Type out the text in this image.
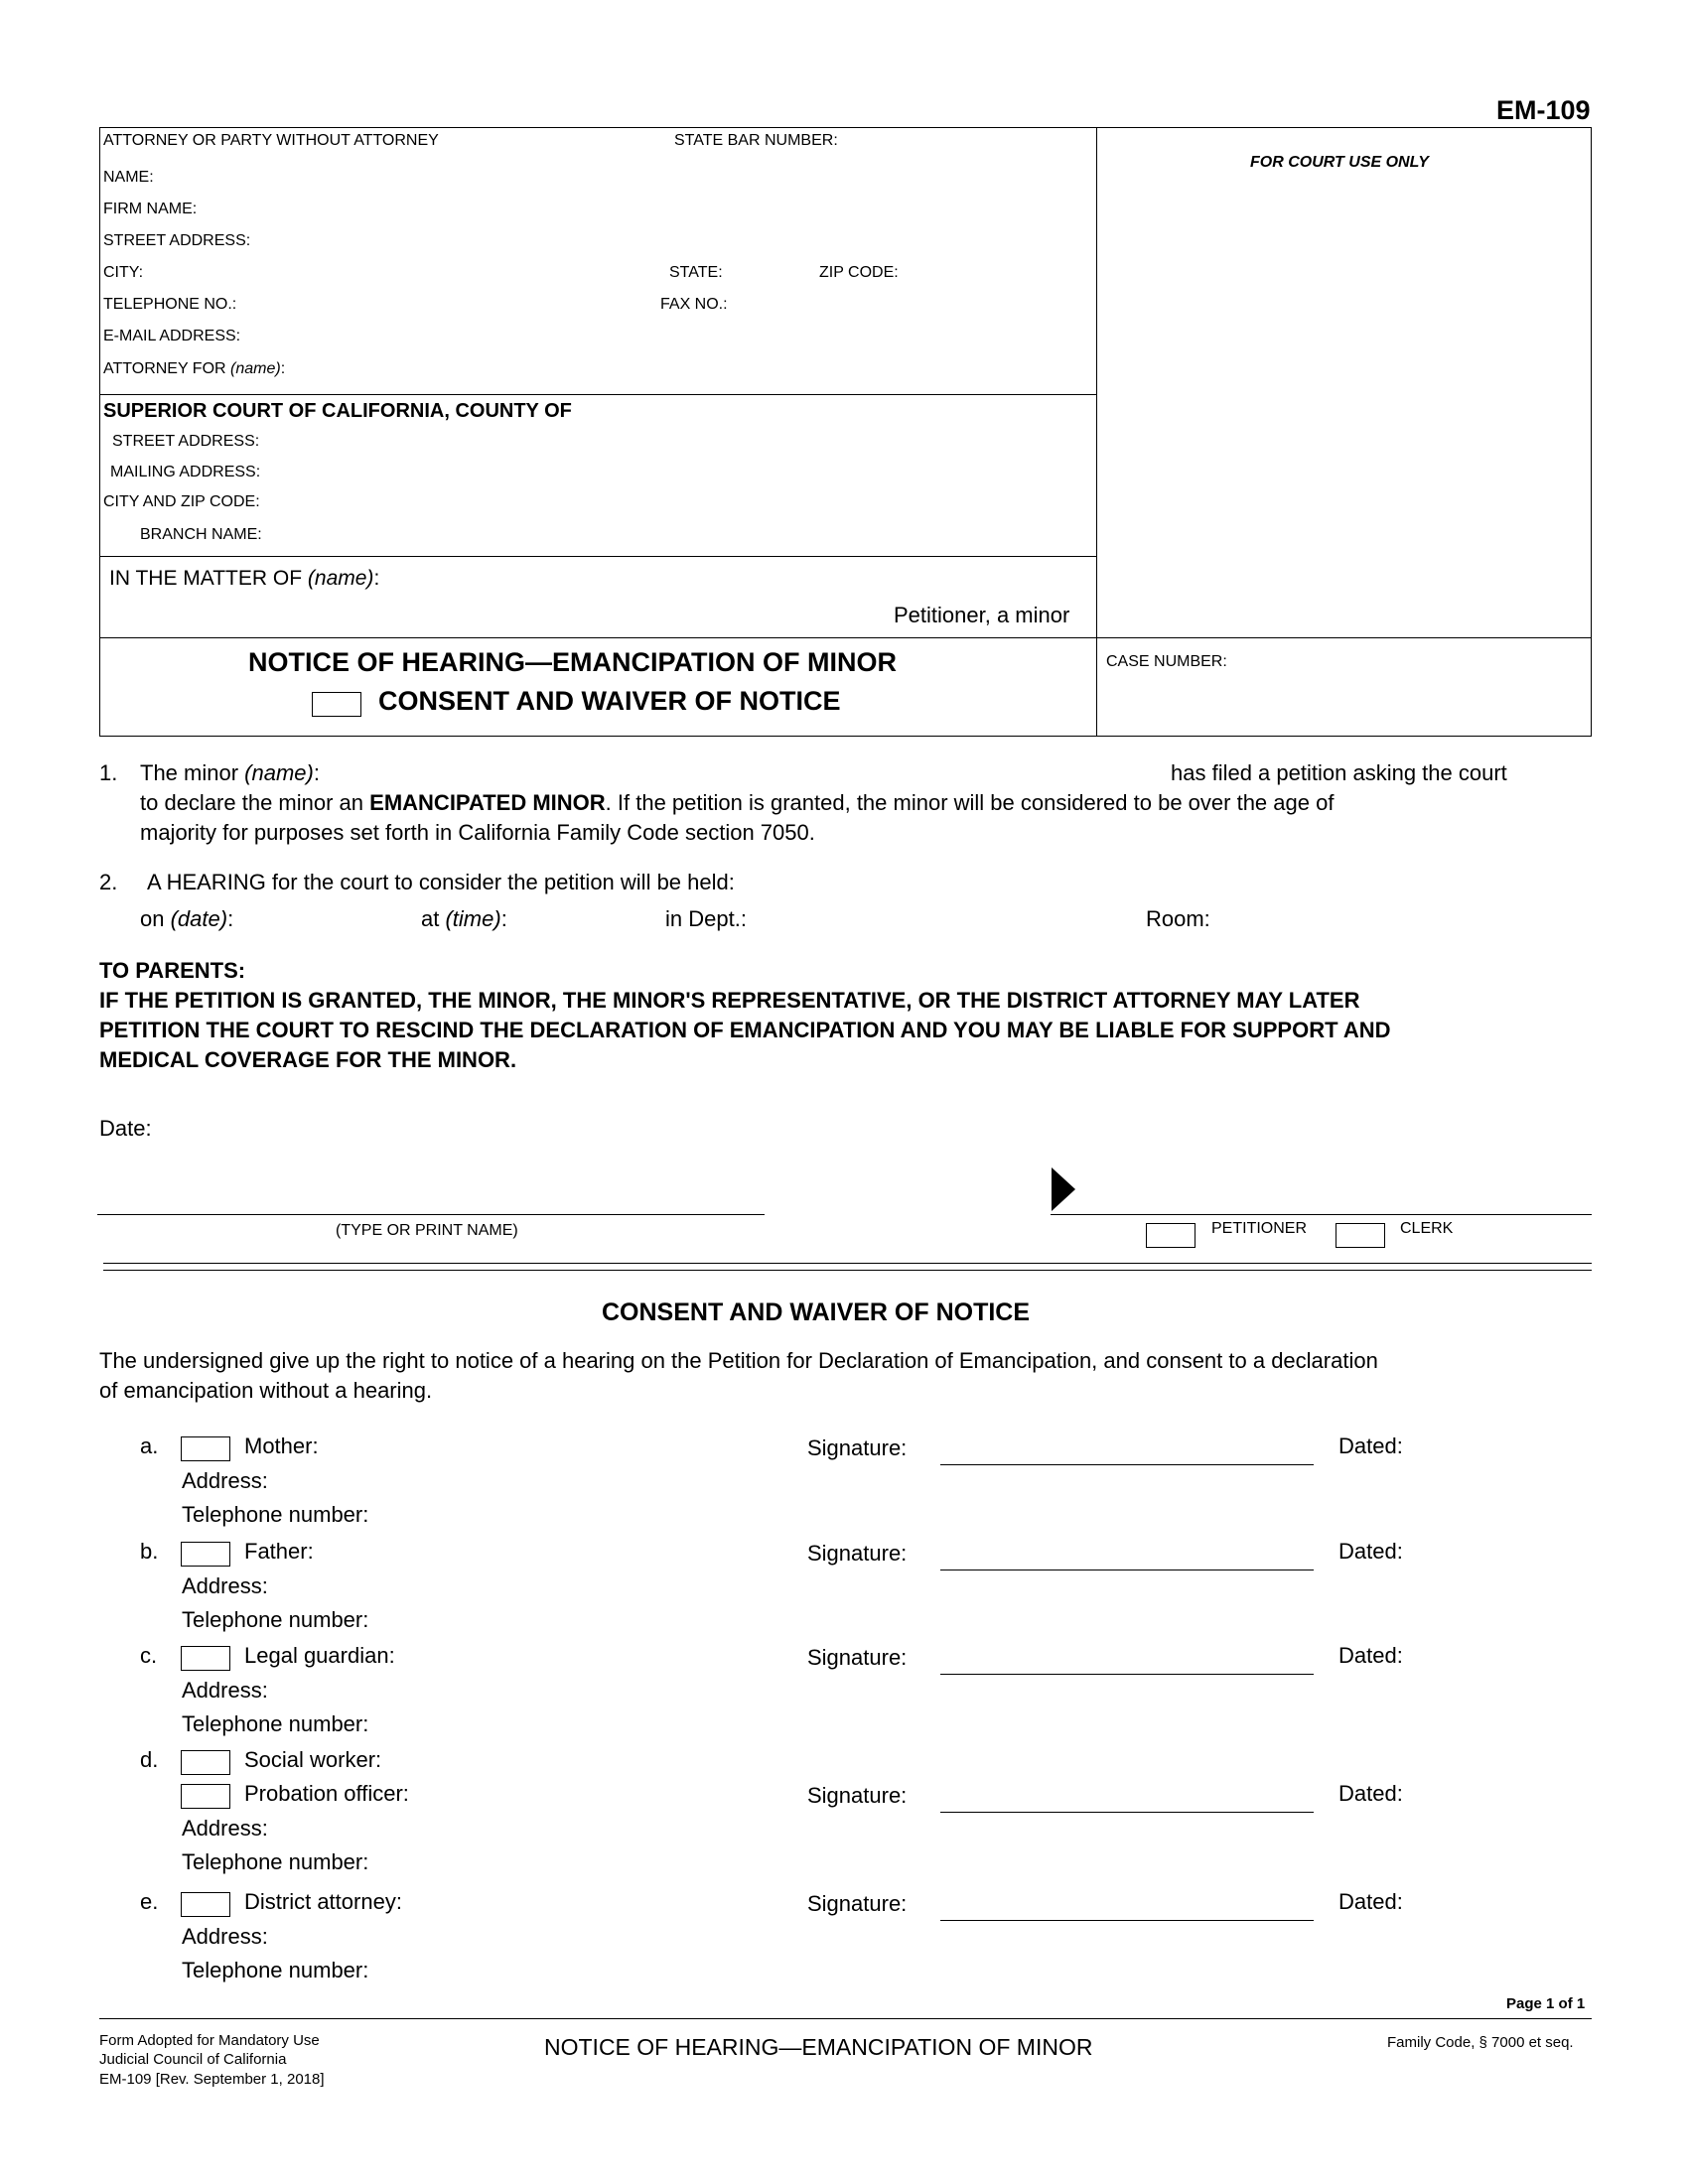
EM-109
ATTORNEY OR PARTY WITHOUT ATTORNEY	STATE BAR NUMBER:
NAME:
FIRM NAME:
STREET ADDRESS:
CITY:	STATE:	ZIP CODE:
TELEPHONE NO.:	FAX NO.:
E-MAIL ADDRESS:
ATTORNEY FOR (name):
FOR COURT USE ONLY
SUPERIOR COURT OF CALIFORNIA, COUNTY OF
STREET ADDRESS:
MAILING ADDRESS:
CITY AND ZIP CODE:
BRANCH NAME:
IN THE MATTER OF (name):
Petitioner, a minor
NOTICE OF HEARING—EMANCIPATION OF MINOR
CONSENT AND WAIVER OF NOTICE
CASE NUMBER:
1. The minor (name):	has filed a petition asking the court
to declare the minor an EMANCIPATED MINOR. If the petition is granted, the minor will be considered to be over the age of
majority for purposes set forth in California Family Code section 7050.
2. A HEARING for the court to consider the petition will be held:
on (date):	at (time):	in Dept.:	Room:
TO PARENTS:
IF THE PETITION IS GRANTED, THE MINOR, THE MINOR'S REPRESENTATIVE, OR THE DISTRICT ATTORNEY MAY LATER
PETITION THE COURT TO RESCIND THE DECLARATION OF EMANCIPATION AND YOU MAY BE LIABLE FOR SUPPORT AND
MEDICAL COVERAGE FOR THE MINOR.
Date:
(TYPE OR PRINT NAME)	PETITIONER	CLERK
CONSENT AND WAIVER OF NOTICE
The undersigned give up the right to notice of a hearing on the Petition for Declaration of Emancipation, and consent to a declaration
of emancipation without a hearing.
a.	Mother:	Signature:	Dated:
Address:
Telephone number:
b.	Father:	Signature:	Dated:
Address:
Telephone number:
c.	Legal guardian:	Signature:	Dated:
Address:
Telephone number:
d.	Social worker:
Probation officer:	Signature:	Dated:
Address:
Telephone number:
e.	District attorney:	Signature:	Dated:
Address:
Telephone number:
Page 1 of 1
Form Adopted for Mandatory Use
Judicial Council of California
EM-109 [Rev. September 1, 2018]
NOTICE OF HEARING—EMANCIPATION OF MINOR	Family Code, § 7000 et seq.
